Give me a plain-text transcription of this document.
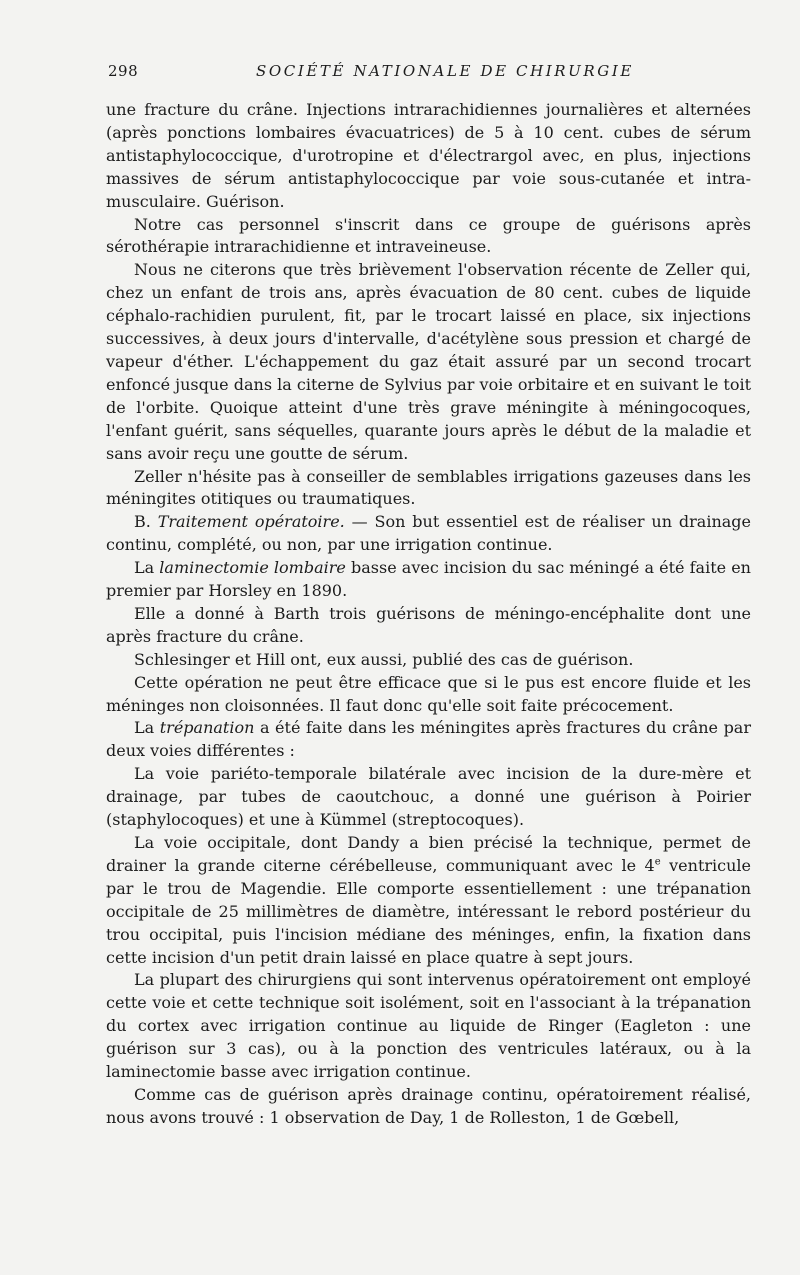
298	SOCIÉTÉ NATIONALE DE CHIRURGIE

une fracture du crâne. Injections intrarachidiennes journalières et alternées (après ponctions lombaires évacuatrices) de 5 à 10 cent. cubes de sérum antistaphylococcique, d'urotropine et d'électrargol avec, en plus, injections massives de sérum antistaphylococcique par voie sous-cutanée et intra-musculaire. Guérison.

Notre cas personnel s'inscrit dans ce groupe de guérisons après sérothérapie intrarachidienne et intraveineuse.

Nous ne citerons que très brièvement l'observation récente de Zeller qui, chez un enfant de trois ans, après évacuation de 80 cent. cubes de liquide céphalo-rachidien purulent, fit, par le trocart laissé en place, six injections successives, à deux jours d'intervalle, d'acétylène sous pression et chargé de vapeur d'éther. L'échappement du gaz était assuré par un second trocart enfoncé jusque dans la citerne de Sylvius par voie orbitaire et en suivant le toit de l'orbite. Quoique atteint d'une très grave méningite à méningocoques, l'enfant guérit, sans séquelles, quarante jours après le début de la maladie et sans avoir reçu une goutte de sérum.

Zeller n'hésite pas à conseiller de semblables irrigations gazeuses dans les méningites otitiques ou traumatiques.

B. Traitement opératoire. — Son but essentiel est de réaliser un drainage continu, complété, ou non, par une irrigation continue.

La laminectomie lombaire basse avec incision du sac méningé a été faite en premier par Horsley en 1890.

Elle a donné à Barth trois guérisons de méningo-encéphalite dont une après fracture du crâne.

Schlesinger et Hill ont, eux aussi, publié des cas de guérison.

Cette opération ne peut être efficace que si le pus est encore fluide et les méninges non cloisonnées. Il faut donc qu'elle soit faite précocement.

La trépanation a été faite dans les méningites après fractures du crâne par deux voies différentes :

La voie pariéto-temporale bilatérale avec incision de la dure-mère et drainage, par tubes de caoutchouc, a donné une guérison à Poirier (staphylocoques) et une à Kümmel (streptocoques).

La voie occipitale, dont Dandy a bien précisé la technique, permet de drainer la grande citerne cérébelleuse, communiquant avec le 4e ventricule par le trou de Magendie. Elle comporte essentiellement : une trépanation occipitale de 25 millimètres de diamètre, intéressant le rebord postérieur du trou occipital, puis l'incision médiane des méninges, enfin, la fixation dans cette incision d'un petit drain laissé en place quatre à sept jours.

La plupart des chirurgiens qui sont intervenus opératoirement ont employé cette voie et cette technique soit isolément, soit en l'associant à la trépanation du cortex avec irrigation continue au liquide de Ringer (Eagleton : une guérison sur 3 cas), ou à la ponction des ventricules latéraux, ou à la laminectomie basse avec irrigation continue.

Comme cas de guérison après drainage continu, opératoirement réalisé, nous avons trouvé : 1 observation de Day, 1 de Rolleston, 1 de Gœbell,
